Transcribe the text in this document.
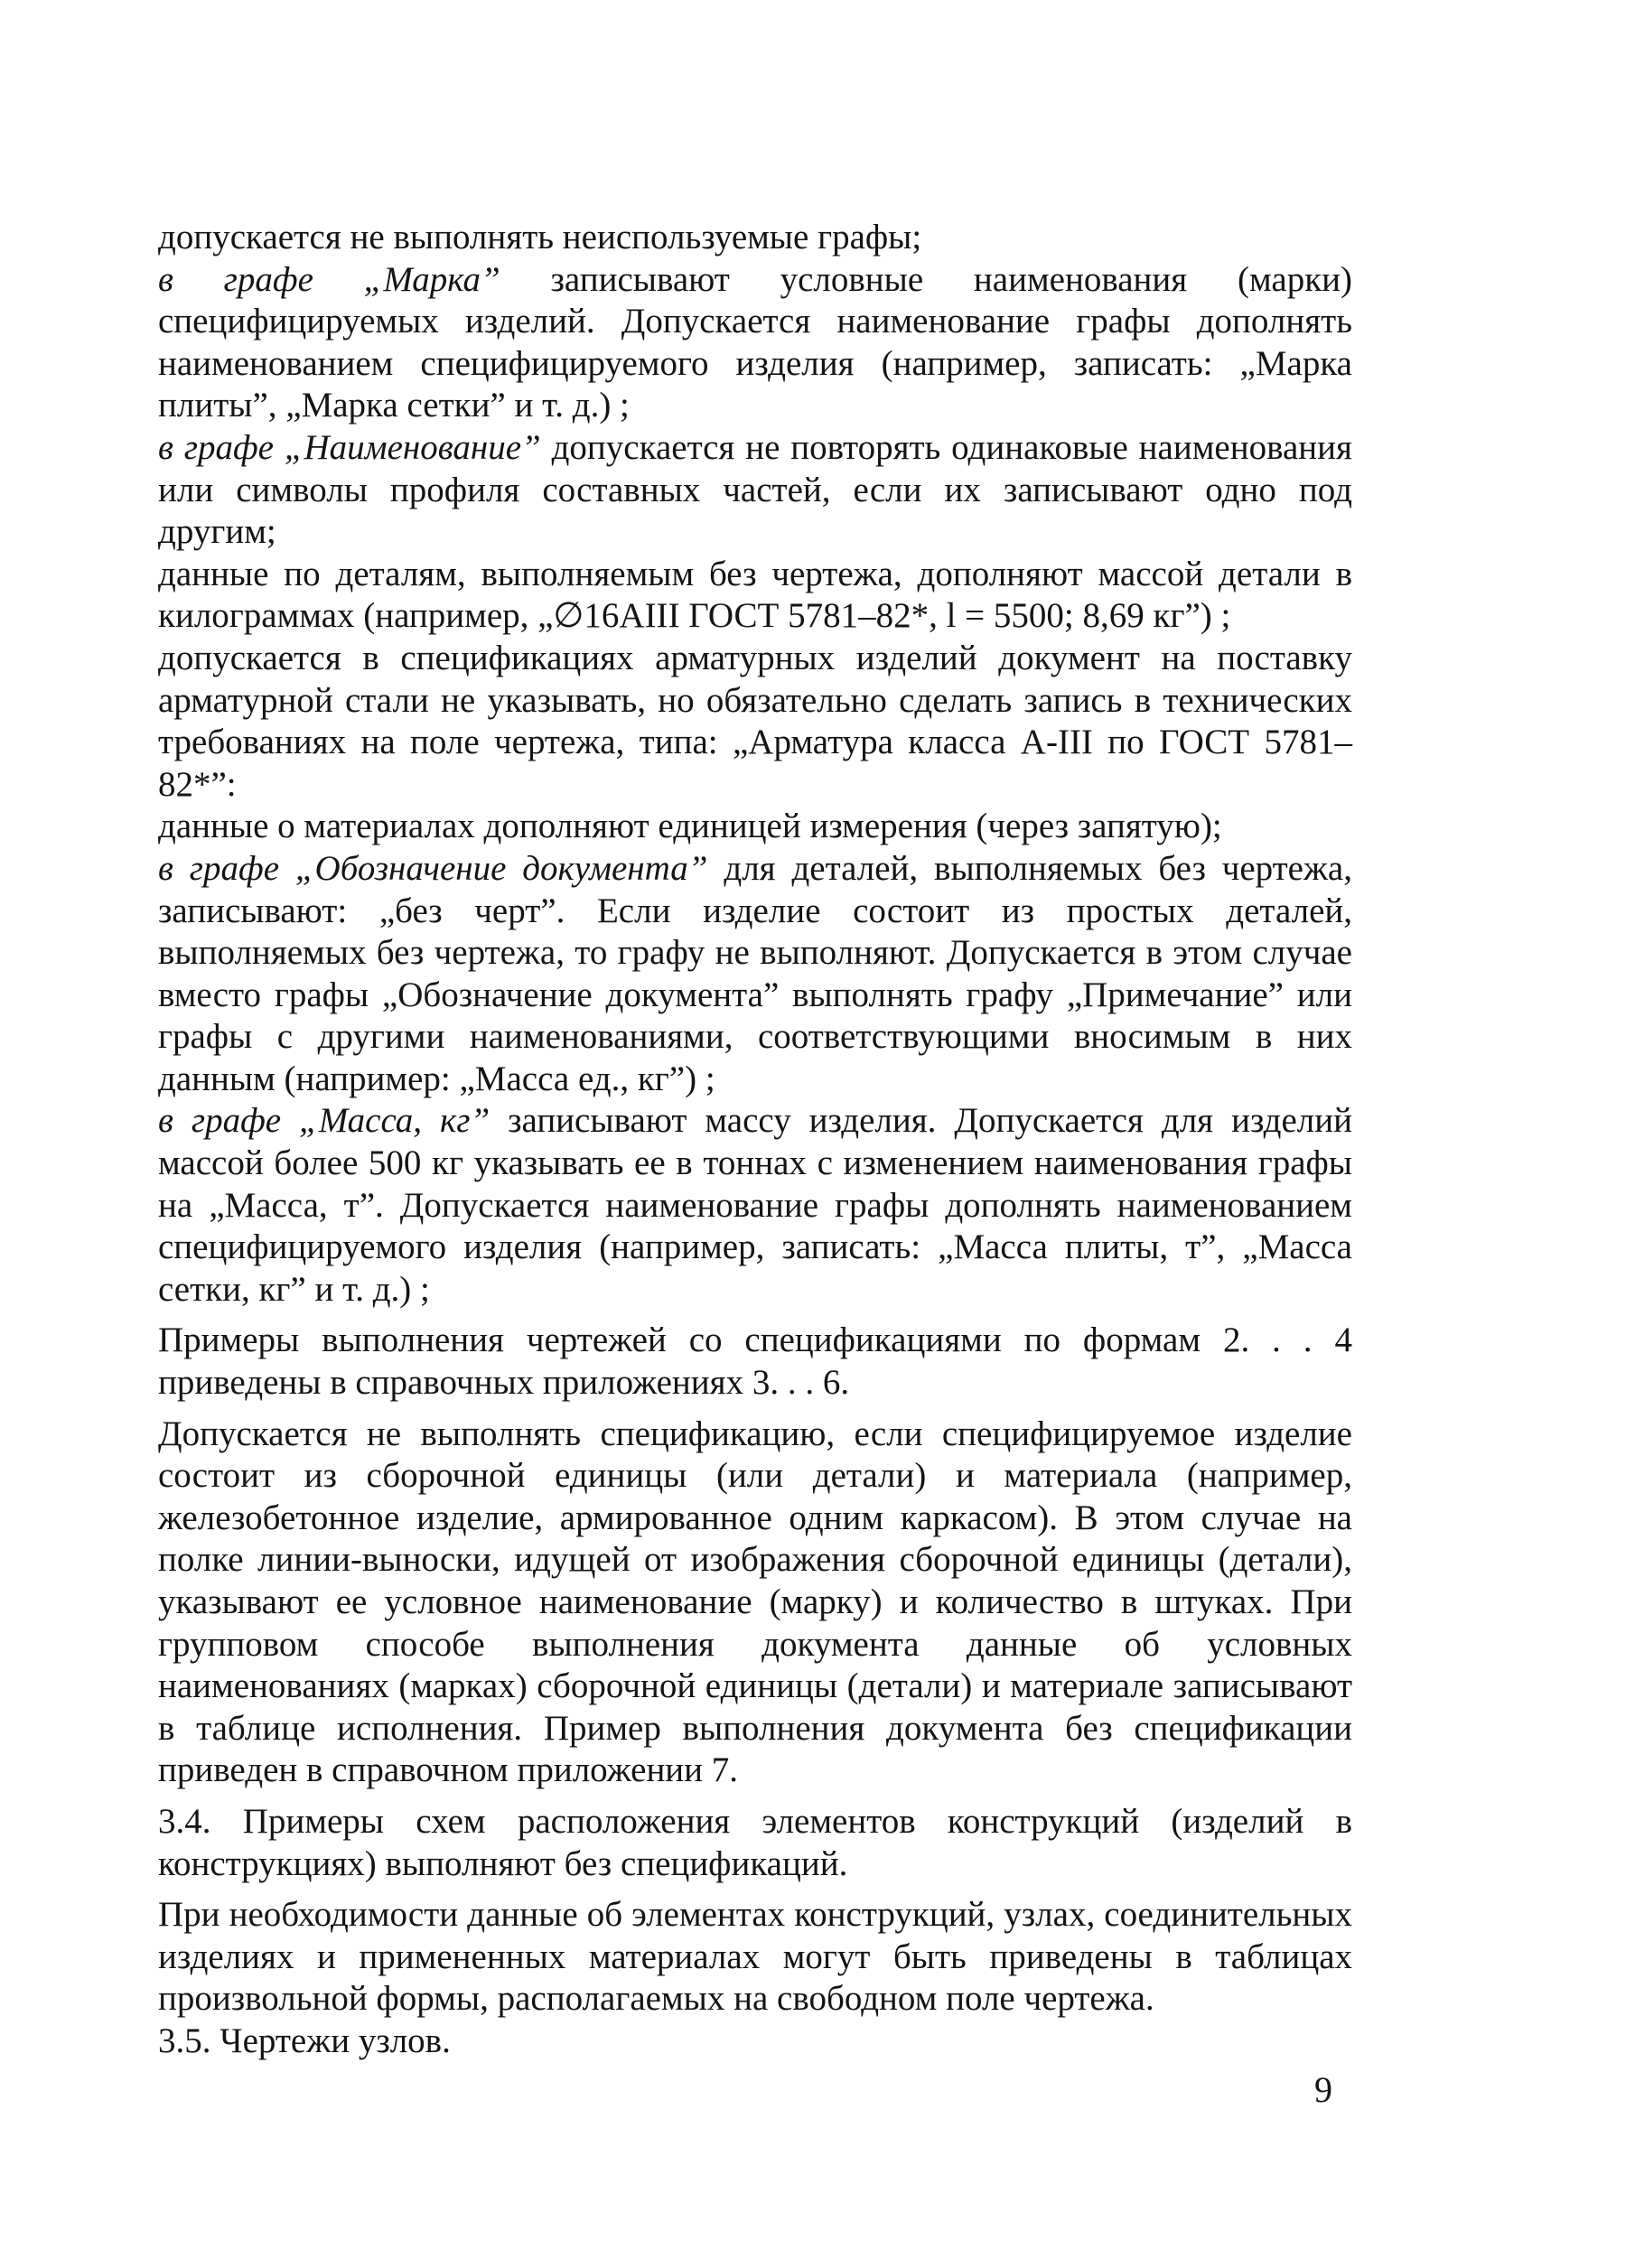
допускается не выполнять неиспользуемые графы;

в графе „Марка” записывают условные наименования (марки) специфицируемых изделий. Допускается наименование графы дополнять наименованием специфицируемого изделия (например, записать: „Марка плиты”, „Марка сетки” и т. д.) ;

в графе „Наименование” допускается не повторять одинаковые наименования или символы профиля составных частей, если их записывают одно под другим;

данные по деталям, выполняемым без чертежа, дополняют массой детали в килограммах (например, „∅16AIII ГОСТ 5781–82*, l = 5500; 8,69 кг”) ;

допускается в спецификациях арматурных изделий документ на поставку арматурной стали не указывать, но обязательно сделать запись в технических требованиях на поле чертежа, типа: „Арматура класса A-III по ГОСТ 5781–82*”:

данные о материалах дополняют единицей измерения (через запятую);

в графе „Обозначение документа” для деталей, выполняемых без чертежа, записывают: „без черт”. Если изделие состоит из простых деталей, выполняемых без чертежа, то графу не выполняют. Допускается в этом случае вместо графы „Обозначение документа” выполнять графу „Примечание” или графы с другими наименованиями, соответствующими вносимым в них данным (например: „Масса ед., кг”) ;

в графе „Масса, кг” записывают массу изделия. Допускается для изделий массой более 500 кг указывать ее в тоннах с изменением наименования графы на „Масса, т”. Допускается наименование графы дополнять наименованием специфицируемого изделия (например, записать: „Масса плиты, т”, „Масса сетки, кг” и т. д.) ;

Примеры выполнения чертежей со спецификациями по формам 2. . . 4 приведены в справочных приложениях 3. . . 6.

Допускается не выполнять спецификацию, если специфицируемое изделие состоит из сборочной единицы (или детали) и материала (например, железобетонное изделие, армированное одним каркасом). В этом случае на полке линии-выноски, идущей от изображения сборочной единицы (детали), указывают ее условное наименование (марку) и количество в штуках. При групповом способе выполнения документа данные об условных наименованиях (марках) сборочной единицы (детали) и материале записывают в таблице исполнения. Пример выполнения документа без спецификации приведен в справочном приложении 7.

3.4. Примеры схем расположения элементов конструкций (изделий в конструкциях) выполняют без спецификаций.

При необходимости данные об элементах конструкций, узлах, соединительных изделиях и примененных материалах могут быть приведены в таблицах произвольной формы, располагаемых на свободном поле чертежа.

3.5. Чертежи узлов.

9
